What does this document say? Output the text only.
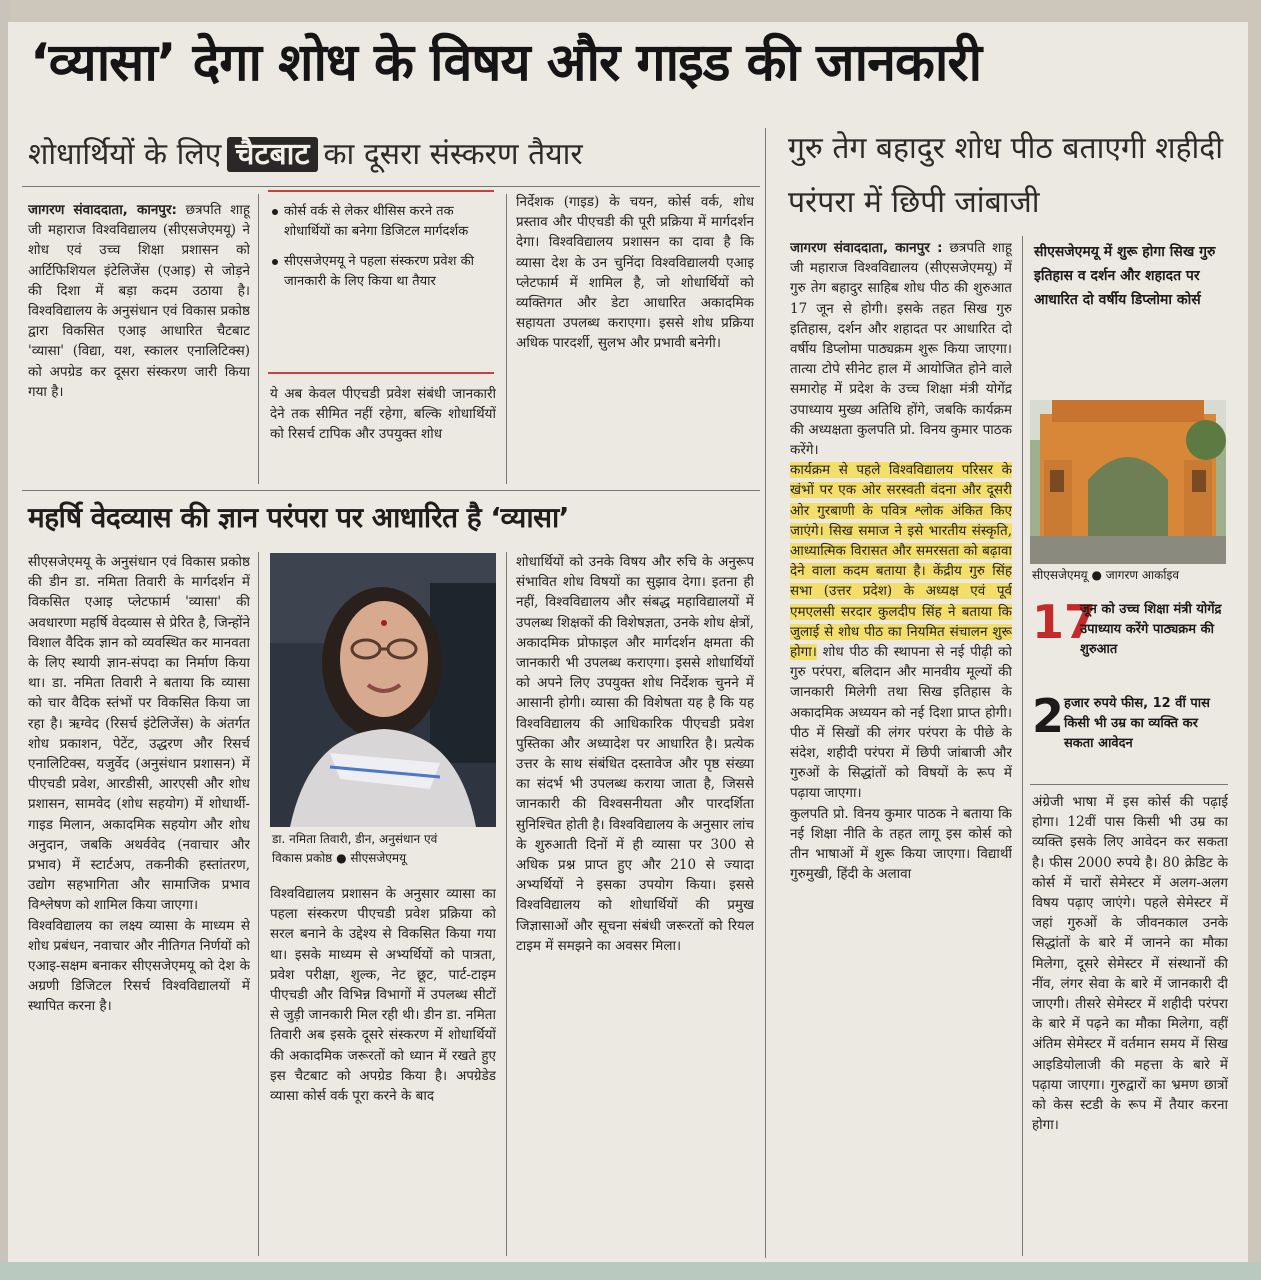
‘व्यासा’ देगा शोध के विषय और गाइड की जानकारी
शोधार्थियों के लिए चैटबाट का दूसरा संस्करण तैयार	गुरु तेग बहादुर शोध पीठ बताएगी शहीदी परंपरा में छिपी जांबाजी

जागरण संवाददाता, कानपुर: छत्रपति शाहू जी महाराज विश्वविद्यालय (सीएसजेएमयू) ने शोध एवं उच्च शिक्षा प्रशासन को आर्टिफिशियल इंटेलिजेंस (एआइ) से जोड़ने की दिशा में बड़ा कदम उठाया है। विश्वविद्यालय के अनुसंधान एवं विकास प्रकोष्ठ द्वारा विकसित एआइ आधारित चैटबाट 'व्यासा' (विद्या, यश, स्कालर एनालिटिक्स) को अपग्रेड कर दूसरा संस्करण जारी किया गया है।

कोर्स वर्क से लेकर थीसिस करने तक शोधार्थियों का बनेगा डिजिटल मार्गदर्शक
सीएसजेएमयू ने पहला संस्करण प्रवेश की जानकारी के लिए किया था तैयार

ये अब केवल पीएचडी प्रवेश संबंधी जानकारी देने तक सीमित नहीं रहेगा, बल्कि शोधार्थियों को रिसर्च टापिक और उपयुक्त शोध

निर्देशक (गाइड) के चयन, कोर्स वर्क, शोध प्रस्ताव और पीएचडी की पूरी प्रक्रिया में मार्गदर्शन देगा। विश्वविद्यालय प्रशासन का दावा है कि व्यासा देश के उन चुनिंदा विश्वविद्यालयी एआइ प्लेटफार्म में शामिल है, जो शोधार्थियों को व्यक्तिगत और डेटा आधारित अकादमिक सहायता उपलब्ध कराएगा। इससे शोध प्रक्रिया अधिक पारदर्शी, सुलभ और प्रभावी बनेगी।

महर्षि वेदव्यास की ज्ञान परंपरा पर आधारित है ‘व्यासा’

सीएसजेएमयू के अनुसंधान एवं विकास प्रकोष्ठ की डीन डा. नमिता तिवारी के मार्गदर्शन में विकसित एआइ प्लेटफार्म 'व्यासा' की अवधारणा महर्षि वेदव्यास से प्रेरित है, जिन्होंने विशाल वैदिक ज्ञान को व्यवस्थित कर मानवता के लिए स्थायी ज्ञान-संपदा का निर्माण किया था। डा. नमिता तिवारी ने बताया कि व्यासा को चार वैदिक स्तंभों पर विकसित किया जा रहा है। ऋग्वेद (रिसर्च इंटेलिजेंस) के अंतर्गत शोध प्रकाशन, पेटेंट, उद्धरण और रिसर्च एनालिटिक्स, यजुर्वेद (अनुसंधान प्रशासन) में पीएचडी प्रवेश, आरडीसी, आरएसी और शोध प्रशासन, सामवेद (शोध सहयोग) में शोधार्थी-गाइड मिलान, अकादमिक सहयोग और शोध अनुदान, जबकि अथर्ववेद (नवाचार और प्रभाव) में स्टार्टअप, तकनीकी हस्तांतरण, उद्योग सहभागिता और सामाजिक प्रभाव विश्लेषण को शामिल किया जाएगा।

विश्वविद्यालय का लक्ष्य व्यासा के माध्यम से शोध प्रबंधन, नवाचार और नीतिगत निर्णयों को एआइ-सक्षम बनाकर सीएसजेएमयू को देश के अग्रणी डिजिटल रिसर्च विश्वविद्यालयों में स्थापित करना है।

डा. नमिता तिवारी, डीन, अनुसंधान एवं
विकास प्रकोष्ठ ● सीएसजेएमयू

विश्वविद्यालय प्रशासन के अनुसार व्यासा का पहला संस्करण पीएचडी प्रवेश प्रक्रिया को सरल बनाने के उद्देश्य से विकसित किया गया था। इसके माध्यम से अभ्यर्थियों को पात्रता, प्रवेश परीक्षा, शुल्क, नेट छूट, पार्ट-टाइम पीएचडी और विभिन्न विभागों में उपलब्ध सीटों से जुड़ी जानकारी मिल रही थी। डीन डा. नमिता तिवारी अब इसके दूसरे संस्करण में शोधार्थियों की अकादमिक जरूरतों को ध्यान में रखते हुए इस चैटबाट को अपग्रेड किया है। अपग्रेडेड व्यासा कोर्स वर्क पूरा करने के बाद

शोधार्थियों को उनके विषय और रुचि के अनुरूप संभावित शोध विषयों का सुझाव देगा। इतना ही नहीं, विश्वविद्यालय और संबद्ध महाविद्यालयों में उपलब्ध शिक्षकों की विशेषज्ञता, उनके शोध क्षेत्रों, अकादमिक प्रोफाइल और मार्गदर्शन क्षमता की जानकारी भी उपलब्ध कराएगा। इससे शोधार्थियों को अपने लिए उपयुक्त शोध निर्देशक चुनने में आसानी होगी। व्यासा की विशेषता यह है कि यह विश्वविद्यालय की आधिकारिक पीएचडी प्रवेश पुस्तिका और अध्यादेश पर आधारित है। प्रत्येक उत्तर के साथ संबंधित दस्तावेज और पृष्ठ संख्या का संदर्भ भी उपलब्ध कराया जाता है, जिससे जानकारी की विश्वसनीयता और पारदर्शिता सुनिश्चित होती है। विश्वविद्यालय के अनुसार लांच के शुरुआती दिनों में ही व्यासा पर 300 से अधिक प्रश्न प्राप्त हुए और 210 से ज्यादा अभ्यर्थियों ने इसका उपयोग किया। इससे विश्वविद्यालय को शोधार्थियों की प्रमुख जिज्ञासाओं और सूचना संबंधी जरूरतों को रियल टाइम में समझने का अवसर मिला।

जागरण संवाददाता, कानपुर : छत्रपति शाहू जी महाराज विश्वविद्यालय (सीएसजेएमयू) में गुरु तेग बहादुर साहिब शोध पीठ की शुरुआत 17 जून से होगी। इसके तहत सिख गुरु इतिहास, दर्शन और शहादत पर आधारित दो वर्षीय डिप्लोमा पाठ्यक्रम शुरू किया जाएगा। तात्या टोपे सीनेट हाल में आयोजित होने वाले समारोह में प्रदेश के उच्च शिक्षा मंत्री योगेंद्र उपाध्याय मुख्य अतिथि होंगे, जबकि कार्यक्रम की अध्यक्षता कुलपति प्रो. विनय कुमार पाठक करेंगे।

कार्यक्रम से पहले विश्वविद्यालय परिसर के खंभों पर एक ओर सरस्वती वंदना और दूसरी ओर गुरबाणी के पवित्र श्लोक अंकित किए जाएंगे। सिख समाज ने इसे भारतीय संस्कृति, आध्यात्मिक विरासत और समरसता को बढ़ावा देने वाला कदम बताया है। केंद्रीय गुरु सिंह सभा (उत्तर प्रदेश) के अध्यक्ष एवं पूर्व एमएलसी सरदार कुलदीप सिंह ने बताया कि जुलाई से शोध पीठ का नियमित संचालन शुरू होगा। शोध पीठ की स्थापना से नई पीढ़ी को गुरु परंपरा, बलिदान और मानवीय मूल्यों की जानकारी मिलेगी तथा सिख इतिहास के अकादमिक अध्ययन को नई दिशा प्राप्त होगी। पीठ में सिखों की लंगर परंपरा के पीछे के संदेश, शहीदी परंपरा में छिपी जांबाजी और गुरुओं के सिद्धांतों को विषयों के रूप में पढ़ाया जाएगा।

कुलपति प्रो. विनय कुमार पाठक ने बताया कि नई शिक्षा नीति के तहत लागू इस कोर्स को तीन भाषाओं में शुरू किया जाएगा। विद्यार्थी गुरुमुखी, हिंदी के अलावा

सीएसजेएमयू में शुरू होगा सिख गुरु इतिहास व दर्शन और शहादत पर आधारित दो वर्षीय डिप्लोमा कोर्स
सीएसजेएमयू ● जागरण आर्काइव
17
जून को उच्च शिक्षा मंत्री योगेंद्र उपाध्याय करेंगे पाठ्यक्रम की शुरुआत
2 हजार रुपये फीस, 12 वीं पास किसी भी उम्र का व्यक्ति कर सकता आवेदन

अंग्रेजी भाषा में इस कोर्स की पढ़ाई होगा। 12वीं पास किसी भी उम्र का व्यक्ति इसके लिए आवेदन कर सकता है। फीस 2000 रुपये है। 80 क्रेडिट के कोर्स में चारों सेमेस्टर में अलग-अलग विषय पढ़ाए जाएंगे। पहले सेमेस्टर में जहां गुरुओं के जीवनकाल उनके सिद्धांतों के बारे में जानने का मौका मिलेगा, दूसरे सेमेस्टर में संस्थानों की नींव, लंगर सेवा के बारे में जानकारी दी जाएगी। तीसरे सेमेस्टर में शहीदी परंपरा के बारे में पढ़ने का मौका मिलेगा, वहीं अंतिम सेमेस्टर में वर्तमान समय में सिख आइडियोलाजी की महत्ता के बारे में पढ़ाया जाएगा। गुरुद्वारों का भ्रमण छात्रों को केस स्टडी के रूप में तैयार करना होगा।
